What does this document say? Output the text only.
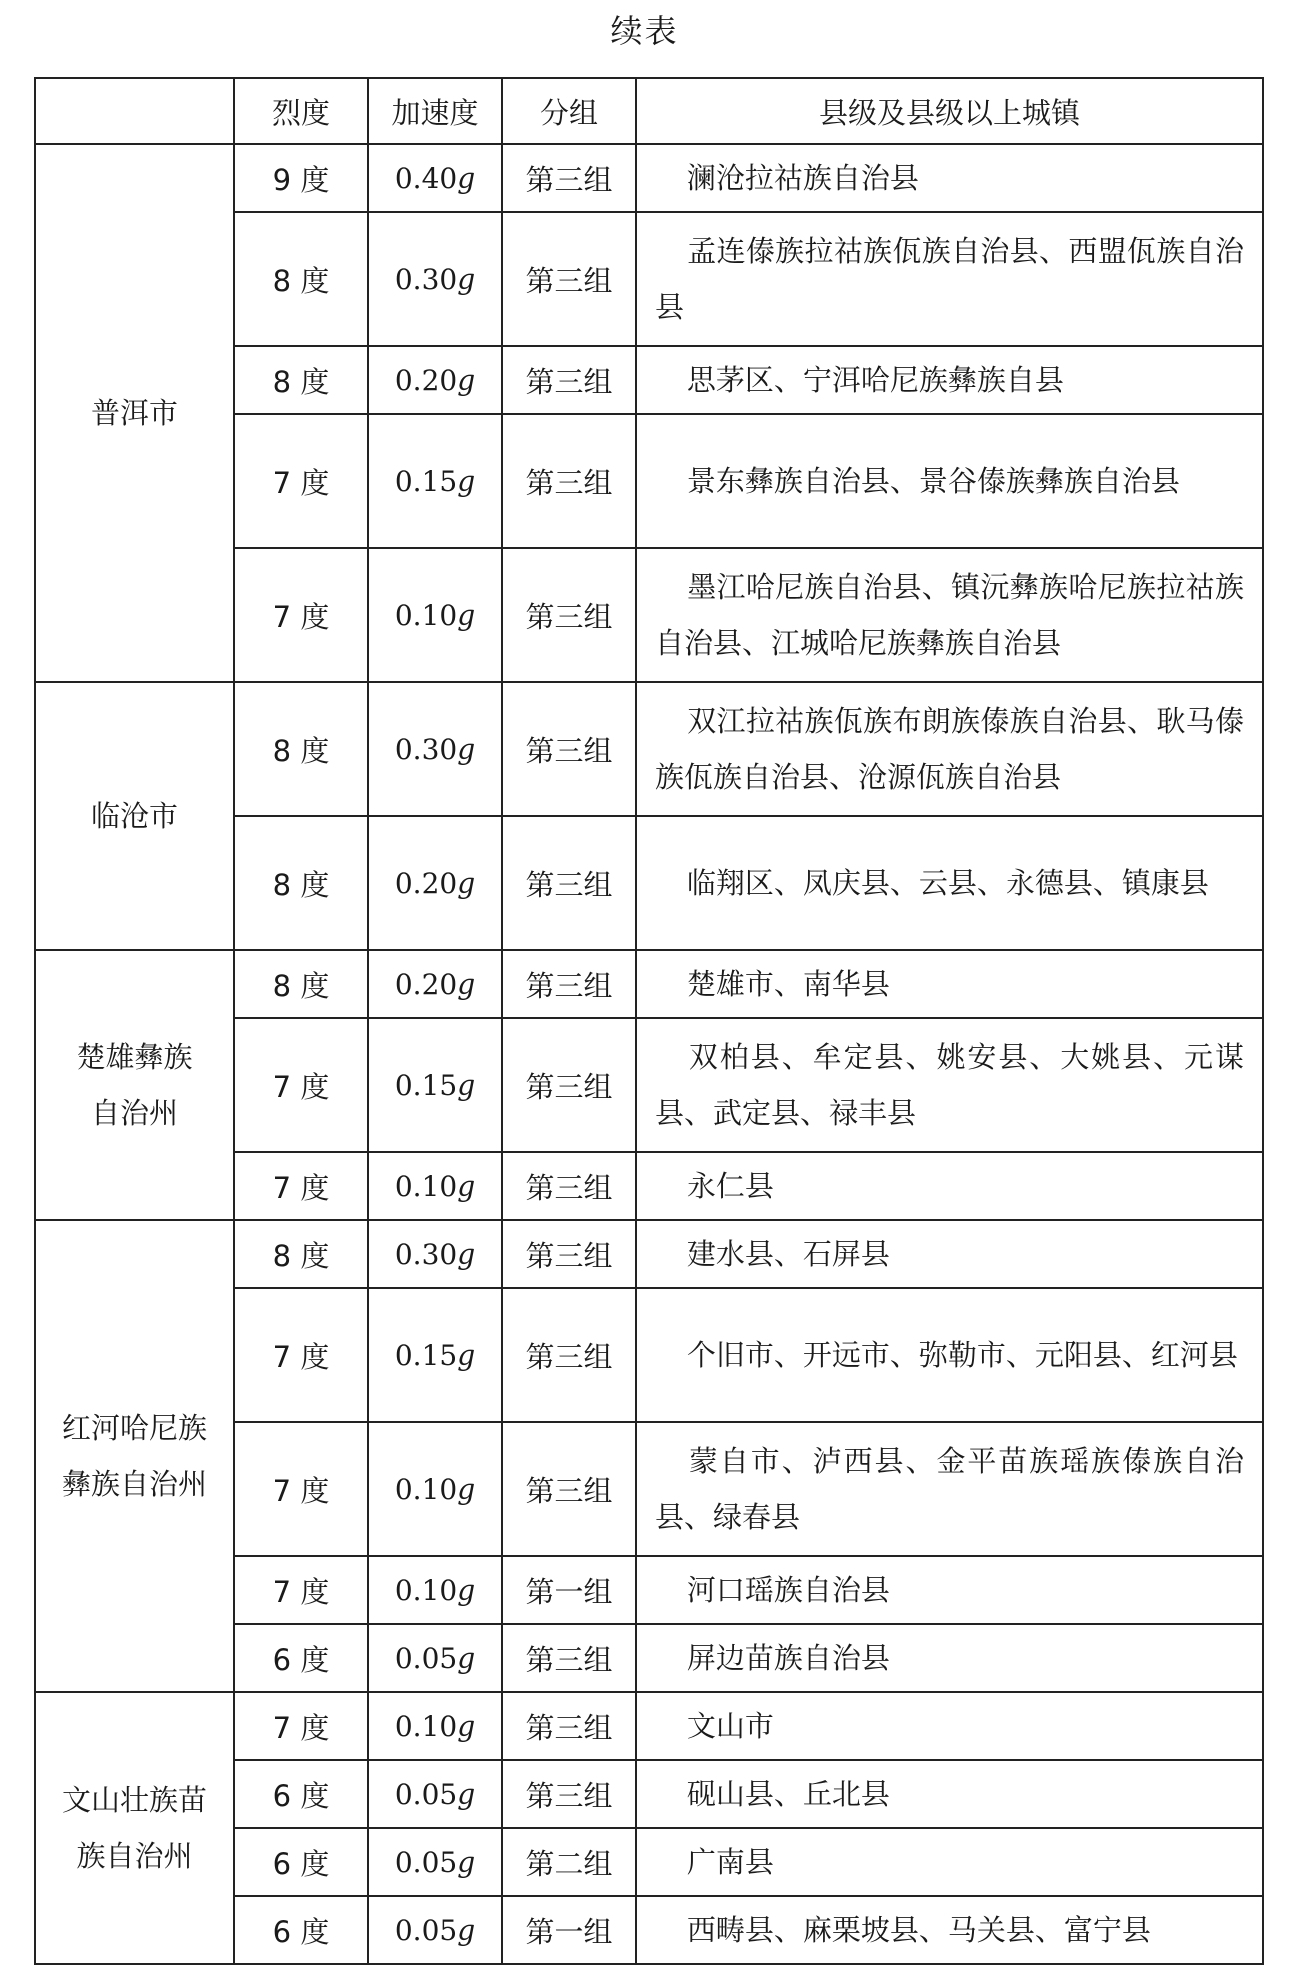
续表
	烈度	加速度	分组	县级及县级以上城镇
普洱市	9 度	0.40g	第三组	澜沧拉祜族自治县
	8 度	0.30g	第三组	孟连傣族拉祜族佤族自治县、西盟佤族自治县
	8 度	0.20g	第三组	思茅区、宁洱哈尼族彝族自县
	7 度	0.15g	第三组	景东彝族自治县、景谷傣族彝族自治县
	7 度	0.10g	第三组	墨江哈尼族自治县、镇沅彝族哈尼族拉祜族自治县、江城哈尼族彝族自治县
临沧市	8 度	0.30g	第三组	双江拉祜族佤族布朗族傣族自治县、耿马傣族佤族自治县、沧源佤族自治县
	8 度	0.20g	第三组	临翔区、凤庆县、云县、永德县、镇康县
楚雄彝族自治州	8 度	0.20g	第三组	楚雄市、南华县
	7 度	0.15g	第三组	双柏县、牟定县、姚安县、大姚县、元谋县、武定县、禄丰县
	7 度	0.10g	第三组	永仁县
红河哈尼族彝族自治州	8 度	0.30g	第三组	建水县、石屏县
	7 度	0.15g	第三组	个旧市、开远市、弥勒市、元阳县、红河县
	7 度	0.10g	第三组	蒙自市、泸西县、金平苗族瑶族傣族自治县、绿春县
	7 度	0.10g	第一组	河口瑶族自治县
	6 度	0.05g	第三组	屏边苗族自治县
文山壮族苗族自治州	7 度	0.10g	第三组	文山市
	6 度	0.05g	第三组	砚山县、丘北县
	6 度	0.05g	第二组	广南县
	6 度	0.05g	第一组	西畴县、麻栗坡县、马关县、富宁县
